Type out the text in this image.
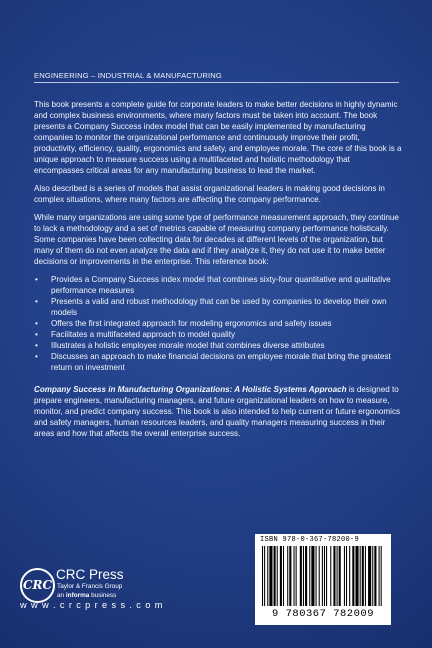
ENGINEERING – INDUSTRIAL & MANUFACTURING

This book presents a complete guide for corporate leaders to make better decisions in highly dynamic and complex business environments, where many factors must be taken into account. The book presents a Company Success index model that can be easily implemented by manufacturing companies to monitor the organizational performance and continuously improve their profit, productivity, efficiency, quality, ergonomics and safety, and employee morale. The core of this book is a unique approach to measure success using a multifaceted and holistic methodology that encompasses critical areas for any manufacturing business to lead the market.

Also described is a series of models that assist organizational leaders in making good decisions in complex situations, where many factors are affecting the company performance.

While many organizations are using some type of performance measurement approach, they continue to lack a methodology and a set of metrics capable of measuring company performance holistically. Some companies have been collecting data for decades at different levels of the organization, but many of them do not even analyze the data and if they analyze it, they do not use it to make better decisions or improvements in the enterprise. This reference book:

• Provides a Company Success index model that combines sixty-four quantitative and qualitative performance measures
• Presents a valid and robust methodology that can be used by companies to develop their own models
• Offers the first integrated approach for modeling ergonomics and safety issues
• Facilitates a multifaceted approach to model quality
• Illustrates a holistic employee morale model that combines diverse attributes
• Discusses an approach to make financial decisions on employee morale that bring the greatest return on investment

Company Success in Manufacturing Organizations: A Holistic Systems Approach is designed to prepare engineers, manufacturing managers, and future organizational leaders on how to measure, monitor, and predict company success. This book is also intended to help current or future ergonomics and safety managers, human resources leaders, and quality managers measuring success in their areas and how that affects the overall enterprise success.

ISBN 978-0-367-78200-9
9 780367 782009
CRC
CRC Press
Taylor & Francis Group
an informa business
w w w . c r c p r e s s . c o m
